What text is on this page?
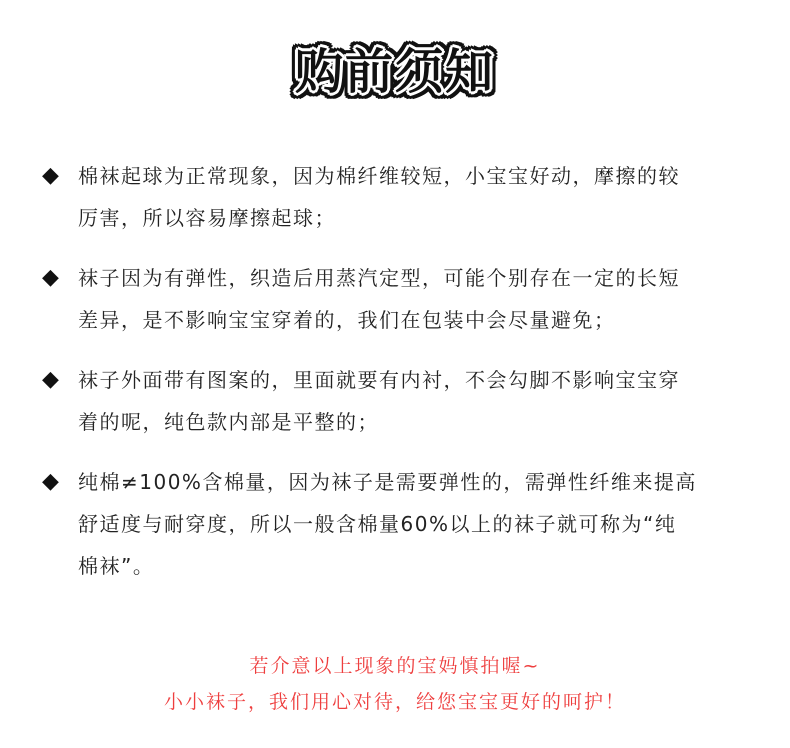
购前须知
◆ 棉袜起球为正常现象，因为棉纤维较短，小宝宝好动，摩擦的较
厉害，所以容易摩擦起球；
◆ 袜子因为有弹性，织造后用蒸汽定型，可能个别存在一定的长短
差异，是不影响宝宝穿着的，我们在包装中会尽量避免；
◆ 袜子外面带有图案的，里面就要有内衬，不会勾脚不影响宝宝穿
着的呢，纯色款内部是平整的；
◆ 纯棉≠100%含棉量，因为袜子是需要弹性的，需弹性纤维来提高
舒适度与耐穿度，所以一般含棉量60%以上的袜子就可称为“纯
棉袜”。
若介意以上现象的宝妈慎拍喔~
小小袜子，我们用心对待，给您宝宝更好的呵护！
